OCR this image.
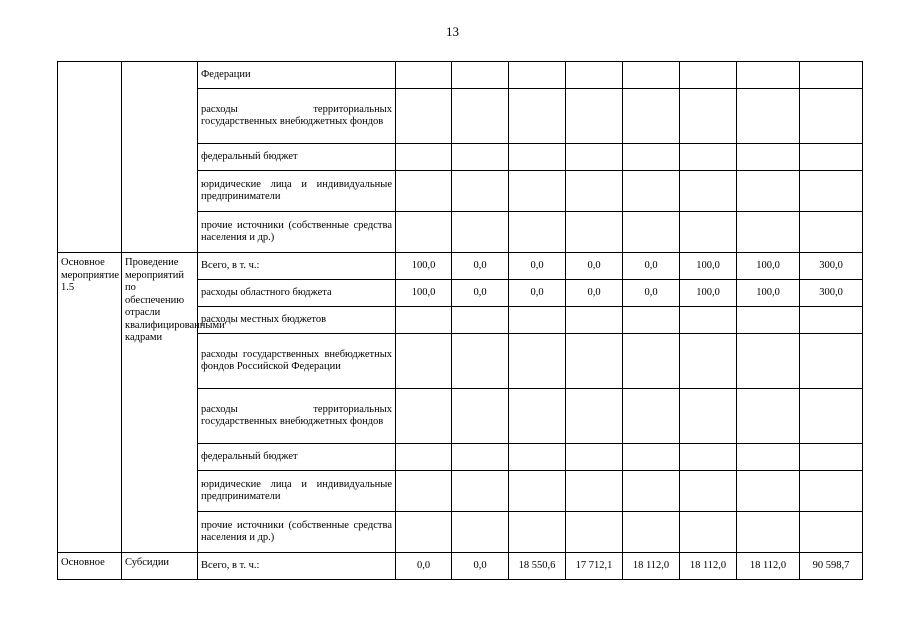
13
		Федерации								
		расходы территориальных государственных внебюджетных фондов								
		федеральный бюджет								
		юридические лица и индивидуальные предприниматели								
		прочие источники (собственные средства населения и др.)								
Основное мероприятие 1.5	Проведение мероприятий по обеспечению отрасли квалифицированными кадрами	Всего, в т. ч.:	100,0	0,0	0,0	0,0	0,0	100,0	100,0	300,0
		расходы областного бюджета	100,0	0,0	0,0	0,0	0,0	100,0	100,0	300,0
		расходы местных бюджетов								
		расходы государственных внебюджетных фондов Российской Федерации								
		расходы территориальных государственных внебюджетных фондов								
		федеральный бюджет								
		юридические лица и индивидуальные предприниматели								
		прочие источники (собственные средства населения и др.)								
Основное	Субсидии	Всего, в т. ч.:	0,0	0,0	18 550,6	17 712,1	18 112,0	18 112,0	18 112,0	90 598,7
